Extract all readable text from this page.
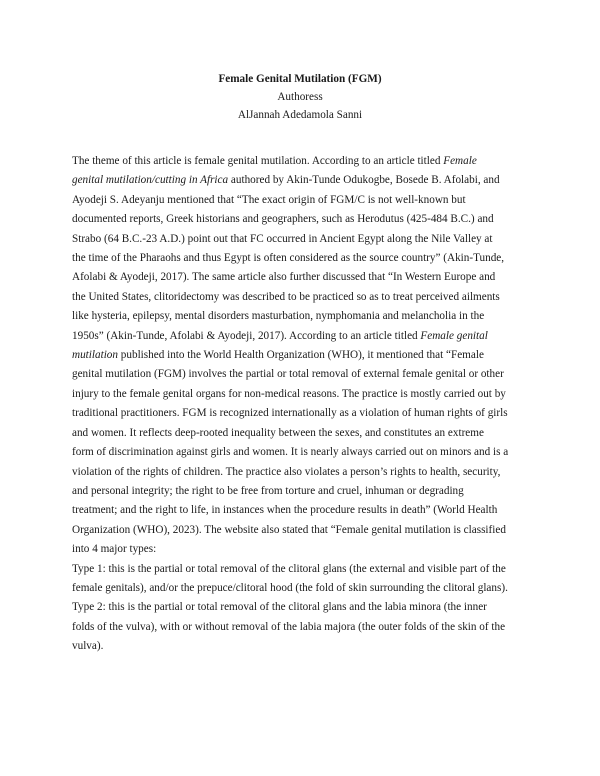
Female Genital Mutilation (FGM)
Authoress
AlJannah Adedamola Sanni
The theme of this article is female genital mutilation. According to an article titled Female
genital mutilation/cutting in Africa authored by Akin-Tunde Odukogbe, Bosede B. Afolabi, and
Ayodeji S. Adeyanju mentioned that “The exact origin of FGM/C is not well-known but
documented reports, Greek historians and geographers, such as Herodutus (425-484 B.C.) and
Strabo (64 B.C.-23 A.D.) point out that FC occurred in Ancient Egypt along the Nile Valley at
the time of the Pharaohs and thus Egypt is often considered as the source country” (Akin-Tunde,
Afolabi & Ayodeji, 2017). The same article also further discussed that “In Western Europe and
the United States, clitoridectomy was described to be practiced so as to treat perceived ailments
like hysteria, epilepsy, mental disorders masturbation, nymphomania and melancholia in the
1950s” (Akin-Tunde, Afolabi & Ayodeji, 2017). According to an article titled Female genital
mutilation published into the World Health Organization (WHO), it mentioned that “Female
genital mutilation (FGM) involves the partial or total removal of external female genital or other
injury to the female genital organs for non-medical reasons. The practice is mostly carried out by
traditional practitioners. FGM is recognized internationally as a violation of human rights of girls
and women. It reflects deep-rooted inequality between the sexes, and constitutes an extreme
form of discrimination against girls and women. It is nearly always carried out on minors and is a
violation of the rights of children. The practice also violates a person’s rights to health, security,
and personal integrity; the right to be free from torture and cruel, inhuman or degrading
treatment; and the right to life, in instances when the procedure results in death” (World Health
Organization (WHO), 2023). The website also stated that “Female genital mutilation is classified
into 4 major types:
Type 1: this is the partial or total removal of the clitoral glans (the external and visible part of the
female genitals), and/or the prepuce/clitoral hood (the fold of skin surrounding the clitoral glans).
Type 2: this is the partial or total removal of the clitoral glans and the labia minora (the inner
folds of the vulva), with or without removal of the labia majora (the outer folds of the skin of the
vulva).
